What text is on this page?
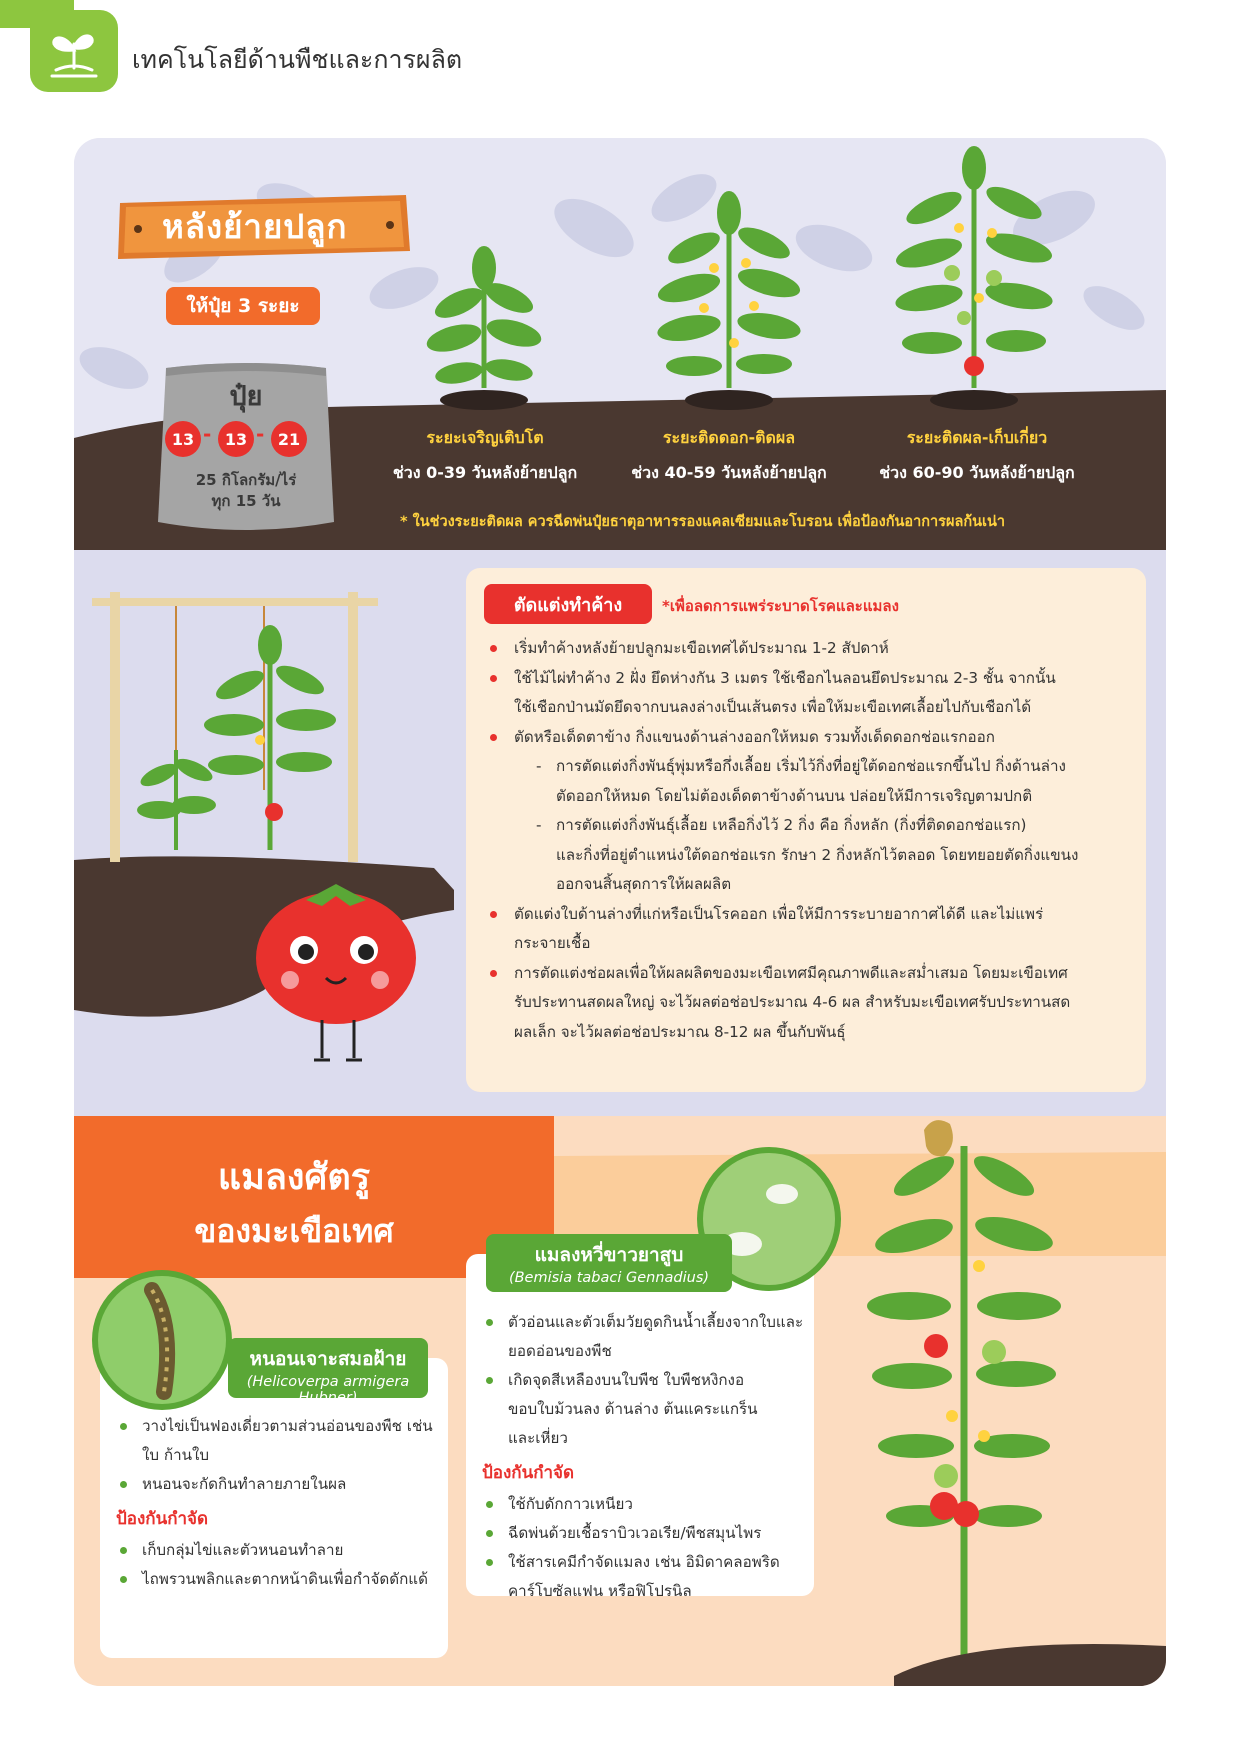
เทคโนโลยีด้านพืชและการผลิต
หลังย้ายปลูก
ให้ปุ๋ย 3 ระยะ
ปุ๋ย
13 - 13 - 21
25 กิโลกรัม/ไร่
ทุก 15 วัน
ระยะเจริญเติบโต
ช่วง 0-39 วันหลังย้ายปลูก
ระยะติดดอก-ติดผล
ช่วง 40-59 วันหลังย้ายปลูก
ระยะติดผล-เก็บเกี่ยว
ช่วง 60-90 วันหลังย้ายปลูก
* ในช่วงระยะติดผล ควรฉีดพ่นปุ๋ยธาตุอาหารรองแคลเซียมและโบรอน เพื่อป้องกันอาการผลก้นเน่า
ตัดแต่งทำค้าง	*เพื่อลดการแพร่ระบาดโรคและแมลง
เริ่มทำค้างหลังย้ายปลูกมะเขือเทศได้ประมาณ 1-2 สัปดาห์
ใช้ไม้ไผ่ทำค้าง 2 ฝั่ง ยึดห่างกัน 3 เมตร ใช้เชือกไนลอนยึดประมาณ 2-3 ชั้น จากนั้น
ใช้เชือกป่านมัดยึดจากบนลงล่างเป็นเส้นตรง เพื่อให้มะเขือเทศเลื้อยไปกับเชือกได้
ตัดหรือเด็ดตาข้าง กิ่งแขนงด้านล่างออกให้หมด รวมทั้งเด็ดดอกช่อแรกออก
- การตัดแต่งกิ่งพันธุ์พุ่มหรือกึ่งเลื้อย เริ่มไว้กิ่งที่อยู่ใต้ดอกช่อแรกขึ้นไป กิ่งด้านล่าง
ตัดออกให้หมด โดยไม่ต้องเด็ดตาข้างด้านบน ปล่อยให้มีการเจริญตามปกติ
- การตัดแต่งกิ่งพันธุ์เลื้อย เหลือกิ่งไว้ 2 กิ่ง คือ กิ่งหลัก (กิ่งที่ติดดอกช่อแรก)
และกิ่งที่อยู่ตำแหน่งใต้ดอกช่อแรก รักษา 2 กิ่งหลักไว้ตลอด โดยทยอยตัดกิ่งแขนง
ออกจนสิ้นสุดการให้ผลผลิต
ตัดแต่งใบด้านล่างที่แก่หรือเป็นโรคออก เพื่อให้มีการระบายอากาศได้ดี และไม่แพร่
กระจายเชื้อ
การตัดแต่งช่อผลเพื่อให้ผลผลิตของมะเขือเทศมีคุณภาพดีและสม่ำเสมอ โดยมะเขือเทศ
รับประทานสดผลใหญ่ จะไว้ผลต่อช่อประมาณ 4-6 ผล สำหรับมะเขือเทศรับประทานสด
ผลเล็ก จะไว้ผลต่อช่อประมาณ 8-12 ผล ขึ้นกับพันธุ์
แมลงศัตรู
ของมะเขือเทศ
หนอนเจาะสมอฝ้าย
(Helicoverpa armigera Hubner)
วางไข่เป็นฟองเดี่ยวตามส่วนอ่อนของพืช เช่น
ใบ ก้านใบ
หนอนจะกัดกินทำลายภายในผล
ป้องกันกำจัด
เก็บกลุ่มไข่และตัวหนอนทำลาย
ไถพรวนพลิกและตากหน้าดินเพื่อกำจัดดักแด้
แมลงหวี่ขาวยาสูบ
(Bemisia tabaci Gennadius)
ตัวอ่อนและตัวเต็มวัยดูดกินน้ำเลี้ยงจากใบและ
ยอดอ่อนของพืช
เกิดจุดสีเหลืองบนใบพืช ใบพืชหงิกงอ
ขอบใบม้วนลง ด้านล่าง ต้นแคระแกร็น
และเหี่ยว
ป้องกันกำจัด
ใช้กับดักกาวเหนียว
ฉีดพ่นด้วยเชื้อราบิวเวอเรีย/พืชสมุนไพร
ใช้สารเคมีกำจัดแมลง เช่น อิมิดาคลอพริด
คาร์โบซัลแฟน หรือฟิโปรนิล
